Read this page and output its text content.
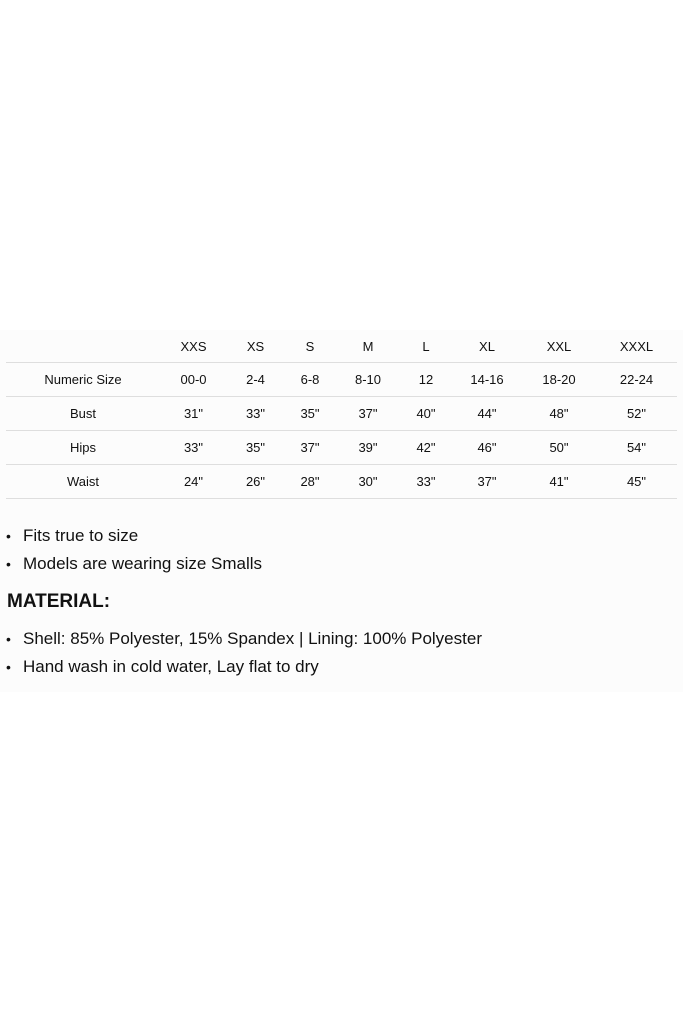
	XXS	XS	S	M	L	XL	XXL	XXXL
Numeric Size	00-0	2-4	6-8	8-10	12	14-16	18-20	22-24
Bust	31"	33"	35"	37"	40"	44"	48"	52"
Hips	33"	35"	37"	39"	42"	46"	50"	54"
Waist	24"	26"	28"	30"	33"	37"	41"	45"
• Fits true to size
• Models are wearing size Smalls
MATERIAL:
• Shell: 85% Polyester, 15% Spandex | Lining: 100% Polyester
• Hand wash in cold water, Lay flat to dry
